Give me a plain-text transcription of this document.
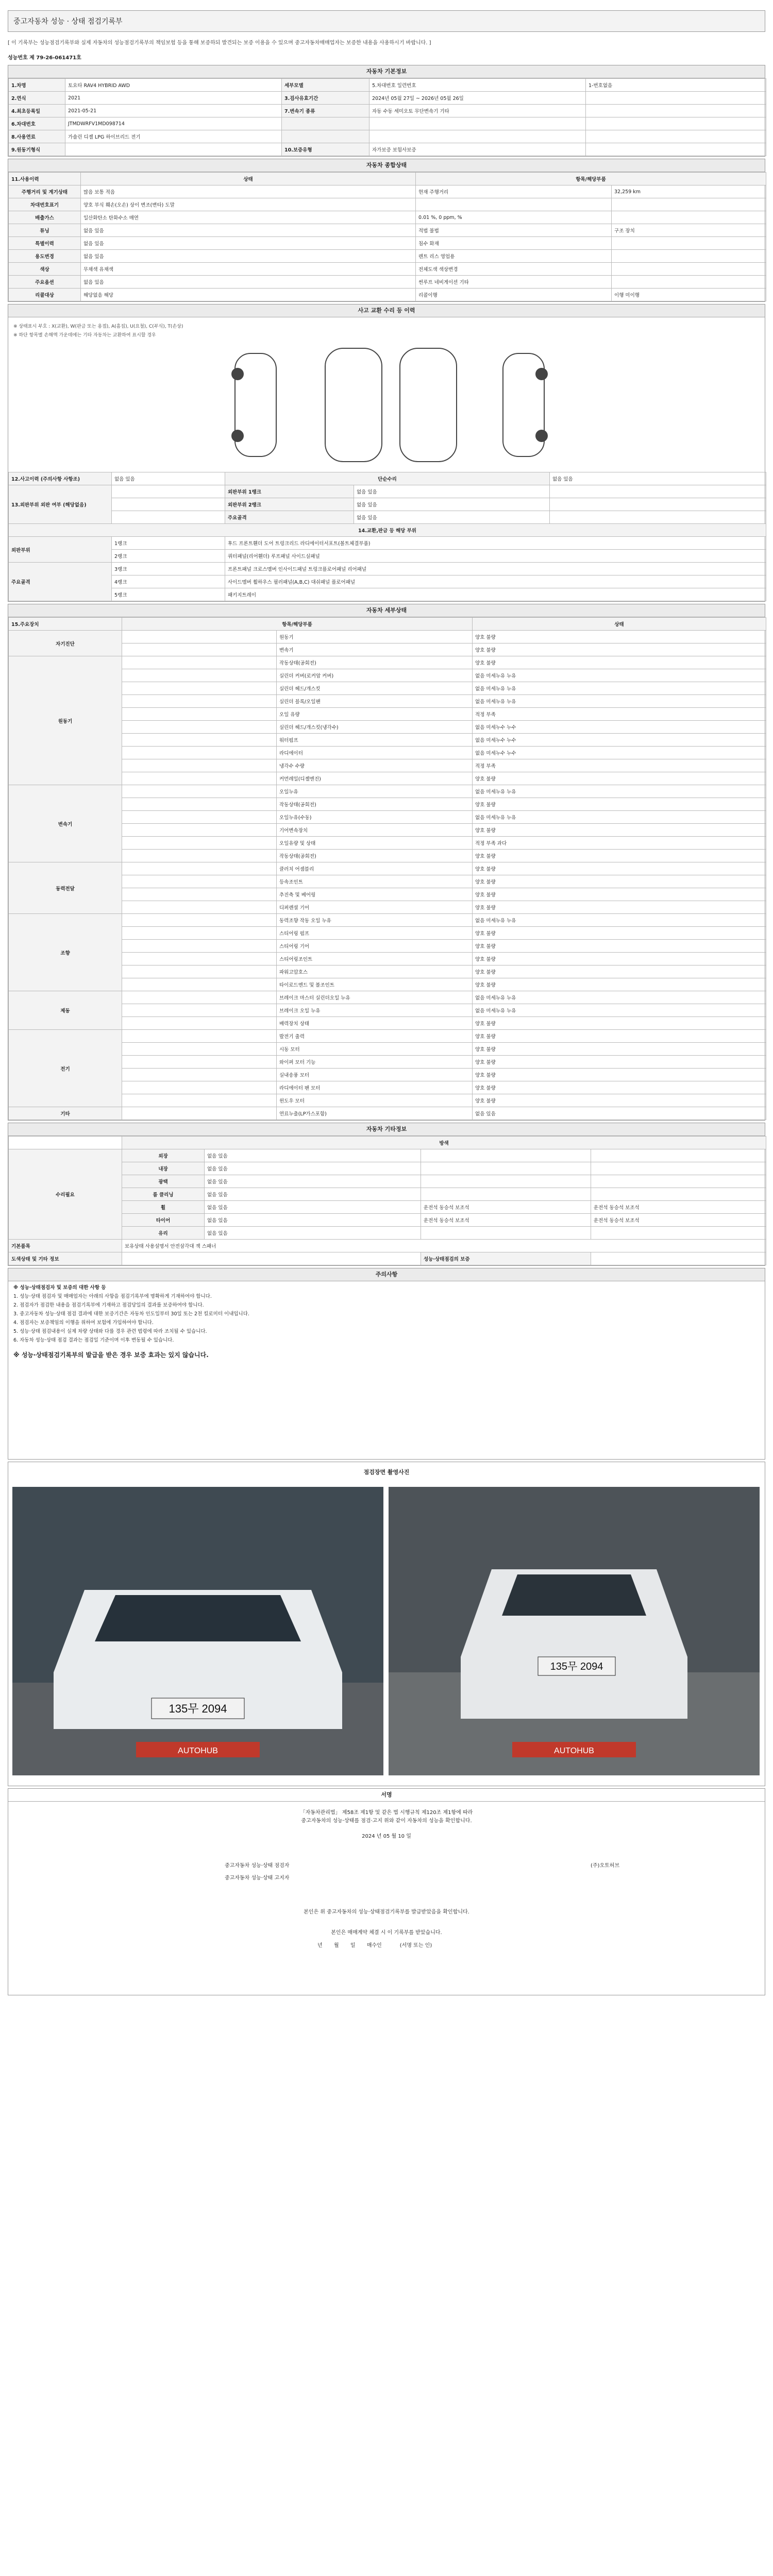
중고자동차 성능 · 상태 점검기록부
[ 이 기록부는 성능점검기록부와 실제 자동차의 성능점검기록부의 책임보험 등을 통해 보증하되 발견되는 보증 이용을 수 있으며 중고자동차매매업자는 보증한 내용을 사용하시기 바랍니다. ]
성능번호 제 79-26-061471호
자동차 기본정보
1.차명	토요타 RAV4 HYBRID AWD	세부모델	5.차대번호 일련번호	1-번호없음
2.연식	2021	3.검사유효기간	2024년 05월 27일 ~ 2026년 05월 26일	
4.최초등록일	2021-05-21	7.변속기 종류	자동 수동 세미오토 무단변속기 기타	
6.차대번호	JTMDWRFV1MD098714			
8.사용연료	가솔린 디젤 LPG 하이브리드 전기			
9.원동기형식		10.보증유형	자가보증 보험사보증	
자동차 종합상태
11.사용이력	상태	항목/해당부품	
주행거리 및 계기상태	많음 보통 적음	현재 주행거리	32,259 km
차대번호표기	양호 부식 훼손(오손) 상이 변조(변타) 도말		
배출가스	일산화탄소 탄화수소 매연	0.01 %, 0 ppm, %	
튜닝	없음 있음	적법 불법	구조 장치
특별이력	없음 있음	침수 화재	
용도변경	없음 있음	렌트 리스 영업용	
색상	무채색 유채색	전체도색 색상변경	
주요옵션	없음 있음	썬루프 네비게이션 기타	
리콜대상	해당없음 해당	리콜이행	이행 미이행
사고 교환 수리 등 이력
※ 상태표시 부호 : X(교환), W(판금 또는 용접), A(흠집), U(요철), C(부식), T(손상)
※ 하단 항목별 손해액 가운데에는 기타 자동차는 교환하여 표시할 경우
12.사고이력 (주의사항 사항조)	없음 있음	단순수리		없음 있음
13.외판부위 외판 여부 (해당없음)		외판부위 1랭크	없음 있음	
		외판부위 2랭크	없음 있음	
		주요골격	없음 있음	
14.교환,판금 등 해당 부위				
외판부위	1랭크	후드 프론트휀더 도어 트렁크리드 라디에이터서포트(볼트체결부품)		
	2랭크	쿼터패널(리어휀더) 루프패널 사이드실패널		
주요골격	3랭크	프론트패널 크로스멤버 인사이드패널 트렁크플로어패널 리어패널		
	4랭크	사이드멤버 휠하우스 필러패널(A,B,C) 대쉬패널 플로어패널		
	5랭크	패키지트레이		
자동차 세부상태
15.주요장치	항목/해당부품		상태
자기진단		원동기	양호 불량
		변속기	양호 불량
원동기		작동상태(공회전)	양호 불량
		실린더 커버(로커암 커버)	없음 미세누유 누유
		실린더 헤드/개스킷	없음 미세누유 누유
		실린더 블록/오일팬	없음 미세누유 누유
		오일 유량	적정 부족
		실린더 헤드/개스킷(냉각수)	없음 미세누수 누수
		워터펌프	없음 미세누수 누수
		라디에이터	없음 미세누수 누수
		냉각수 수량	적정 부족
		커먼레일(디젤엔진)	양호 불량
변속기		오일누유	없음 미세누유 누유
		작동상태(공회전)	양호 불량
		오일누유(수동)	없음 미세누유 누유
		기어변속장치	양호 불량
		오일유량 및 상태	적정 부족 과다
		작동상태(공회전)	양호 불량
동력전달		클러치 어셈블리	양호 불량
		등속조인트	양호 불량
		추진축 및 베어링	양호 불량
		디퍼렌셜 기어	양호 불량
조향		동력조향 작동 오일 누유	없음 미세누유 누유
		스티어링 펌프	양호 불량
		스티어링 기어	양호 불량
		스티어링조인트	양호 불량
		파워고압호스	양호 불량
		타이로드엔드 및 볼조인트	양호 불량
제동		브레이크 마스터 실린더오일 누유	없음 미세누유 누유
		브레이크 오일 누유	없음 미세누유 누유
		배력장치 상태	양호 불량
전기		발전기 출력	양호 불량
		시동 모터	양호 불량
		와이퍼 모터 기능	양호 불량
		실내송풍 모터	양호 불량
		라디에이터 팬 모터	양호 불량
		윈도우 모터	양호 불량
기타		연료누출(LP가스포함)	없음 있음
자동차 기타정보
	방색			
수리필요	외장	없음 있음		
	내장	없음 있음		
	광택	없음 있음		
	룸 클리닝	없음 있음		
	휠	없음 있음	운전석 동승석 보조석	운전석 동승석 보조석
	타이어	없음 있음	운전석 동승석 보조석	운전석 동승석 보조석
	유리	없음 있음		
기본품목	보유상태 사용설명서 안전삼각대 잭 스패너			
도색상태 및 기타 정보			성능·상태점검의 보증	
주의사항

※ 성능·상태점검자 및 보증의 대한 사항 등

1. 성능·상태 점검자 및 매매업자는 아래의 사항을 점검기록부에 명확하게 기재하여야 합니다.

2. 점검자가 점검한 내용을 점검기록부에 기재하고 점검당일의 결과를 보증하여야 합니다.

3. 중고자동차 성능·상태 점검 결과에 대한 보증기간은 자동차 인도일부터 30일 또는 2천 킬로미터 이내입니다.

4. 점검자는 보증책임의 이행을 위하여 보험에 가입하여야 합니다.

5. 성능·상태 점검내용이 실제 차량 상태와 다를 경우 관련 법령에 따라 조치될 수 있습니다.

6. 자동차 성능·상태 점검 결과는 점검일 기준이며 이후 변동될 수 있습니다.

※ 성능·상태점검기록부의 발급을 받은 경우 보증 효과는 있지 않습니다.

점검장면 촬영사진
135무 2094
AUTOHUB
135무 2094
AUTOHUB
서명
「자동차관리법」 제58조 제1항 및 같은 법 시행규칙 제120조 제1항에 따라
중고자동차의 성능·상태를 점검·고지 위와 같이 자동차의 성능을 확인합니다.
2024 년 05 월 10 일
중고자동차 성능·상태 점검자	(주)오토허브
중고자동차 성능·상태 고지자
본인은 위 중고자동차의 성능·상태점검기록부를 발급받았음을 확인합니다.
본인은 매매계약 체결 시 이 기록부를 받았습니다.
년 월 일 매수인	(서명 또는 인)
